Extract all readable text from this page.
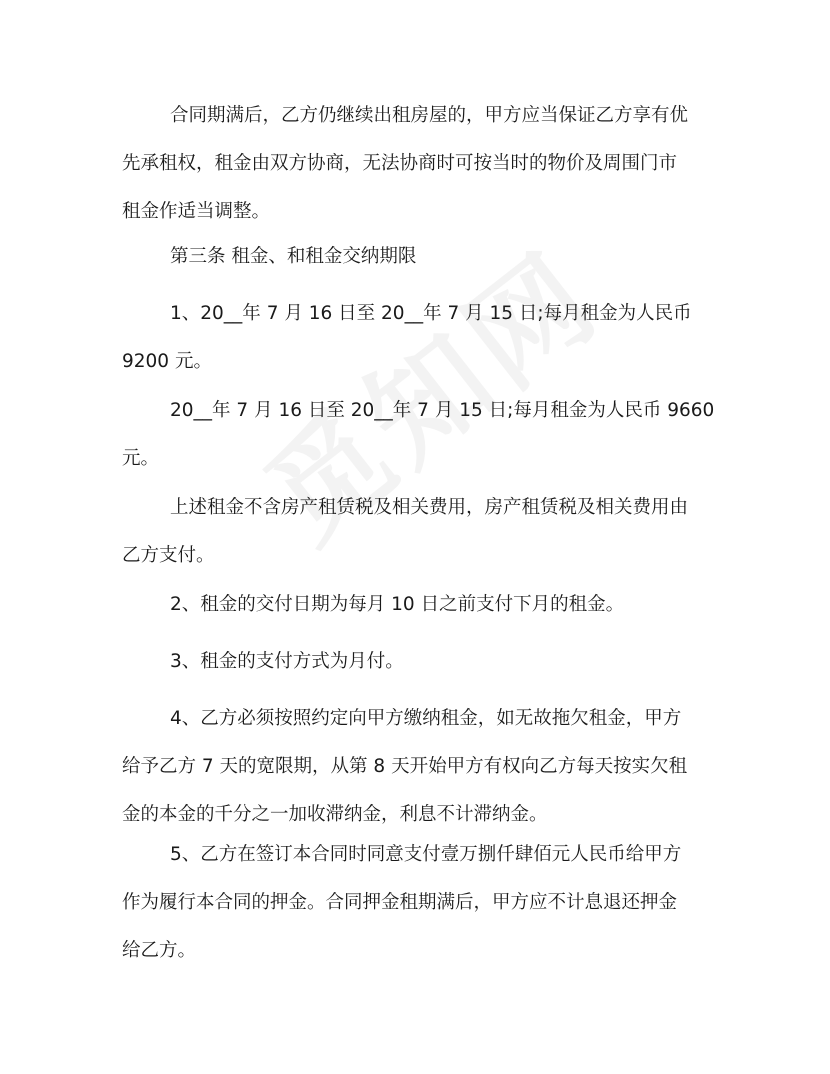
合同期满后，乙方仍继续出租房屋的，甲方应当保证乙方享有优
先承租权，租金由双方协商，无法协商时可按当时的物价及周围门市
租金作适当调整。
第三条 租金、和租金交纳期限
1、20__年 7 月 16 日至 20__年 7 月 15 日;每月租金为人民币
9200 元。
20__年 7 月 16 日至 20__年 7 月 15 日;每月租金为人民币 9660
元。
上述租金不含房产租赁税及相关费用，房产租赁税及相关费用由
乙方支付。
2、租金的交付日期为每月 10 日之前支付下月的租金。
3、租金的支付方式为月付。
4、乙方必须按照约定向甲方缴纳租金，如无故拖欠租金，甲方
给予乙方 7 天的宽限期，从第 8 天开始甲方有权向乙方每天按实欠租
金的本金的千分之一加收滞纳金，利息不计滞纳金。
5、乙方在签订本合同时同意支付壹万捌仟肆佰元人民币给甲方
作为履行本合同的押金。合同押金租期满后，甲方应不计息退还押金
给乙方。
